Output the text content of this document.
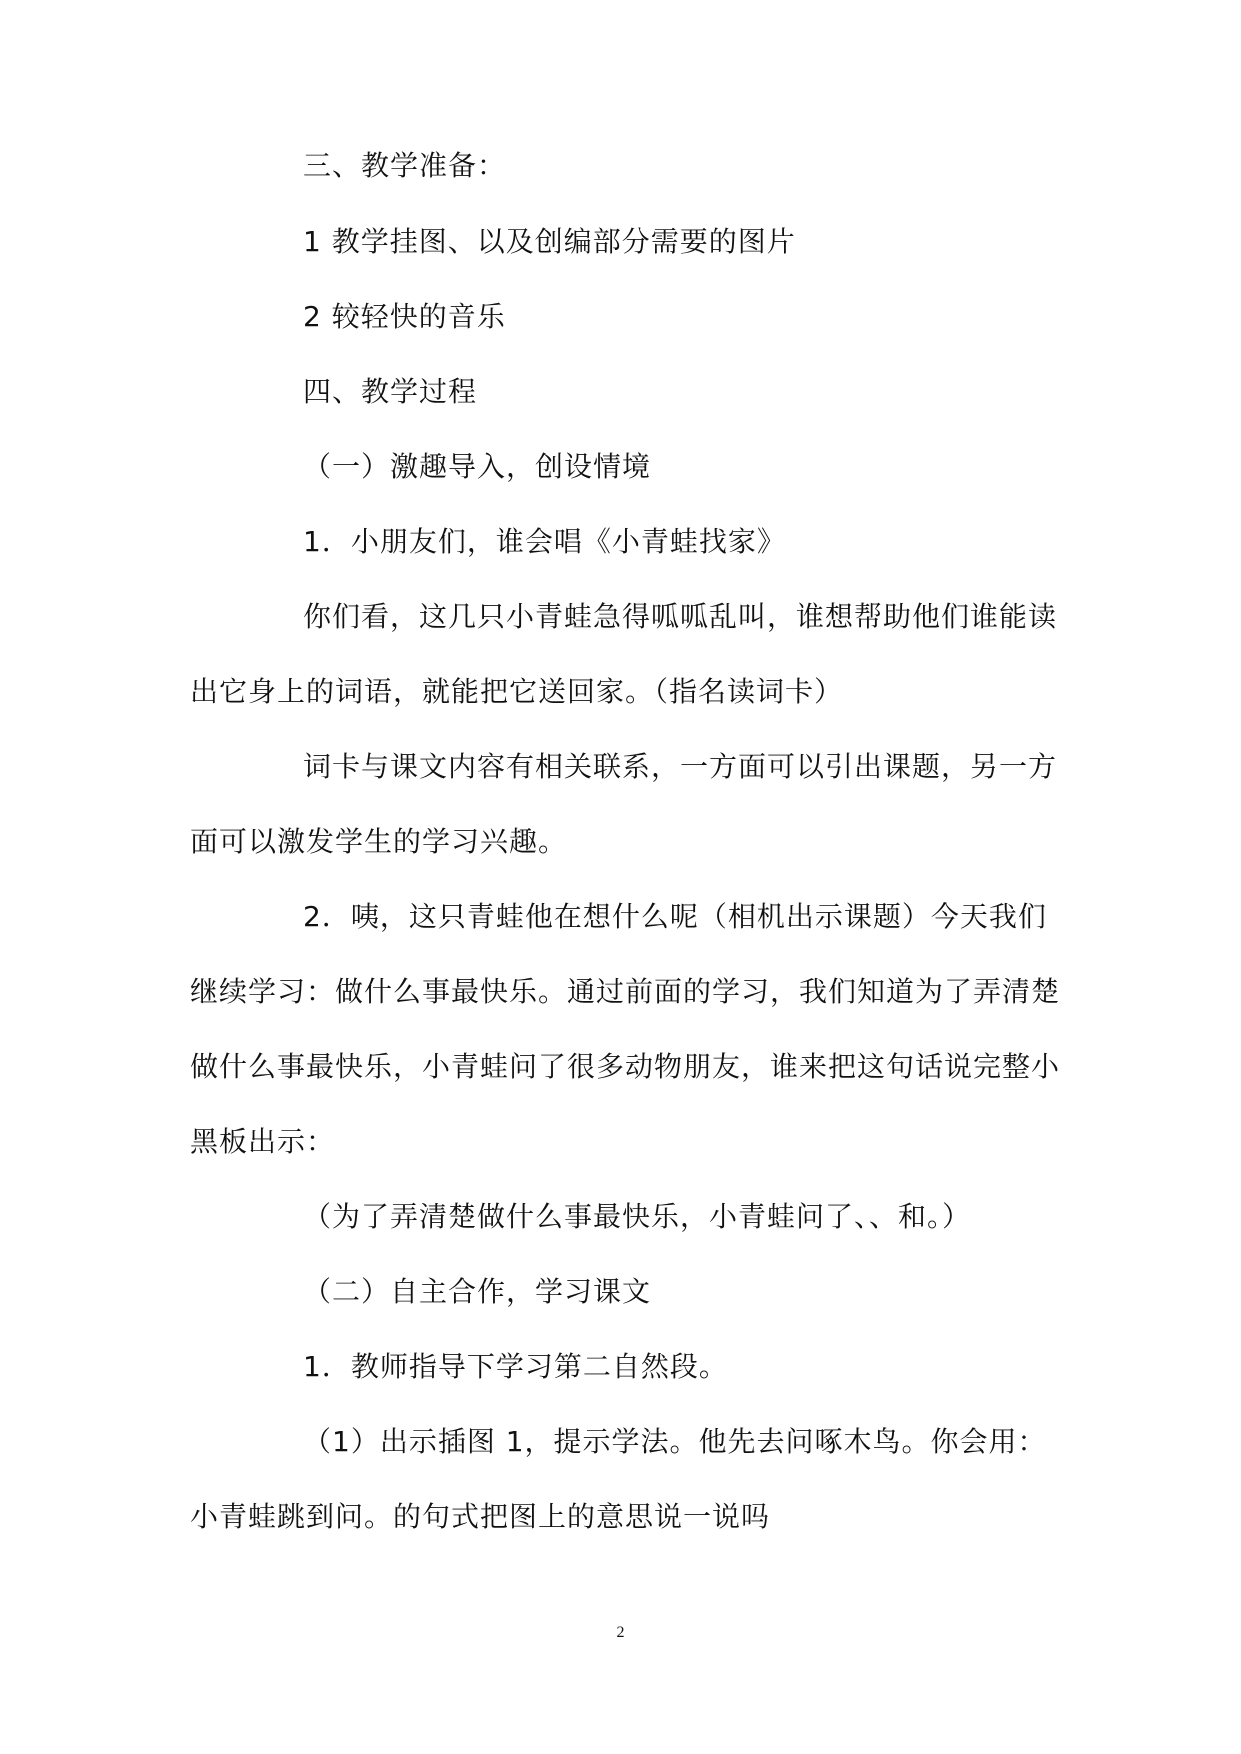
三、教学准备：

1 教学挂图、以及创编部分需要的图片

2 较轻快的音乐

四、教学过程

（一）激趣导入，创设情境

1．小朋友们，谁会唱《小青蛙找家》

你们看，这几只小青蛙急得呱呱乱叫，谁想帮助他们谁能读

出它身上的词语，就能把它送回家。（指名读词卡）

词卡与课文内容有相关联系，一方面可以引出课题，另一方

面可以激发学生的学习兴趣。

2．咦，这只青蛙他在想什么呢（相机出示课题）今天我们

继续学习：做什么事最快乐。通过前面的学习，我们知道为了弄清楚

做什么事最快乐，小青蛙问了很多动物朋友，谁来把这句话说完整小

黑板出示：

（为了弄清楚做什么事最快乐，小青蛙问了、、和。）

（二）自主合作，学习课文

1．教师指导下学习第二自然段。

（1）出示插图 1，提示学法。他先去问啄木鸟。你会用：

小青蛙跳到问。的句式把图上的意思说一说吗

2
